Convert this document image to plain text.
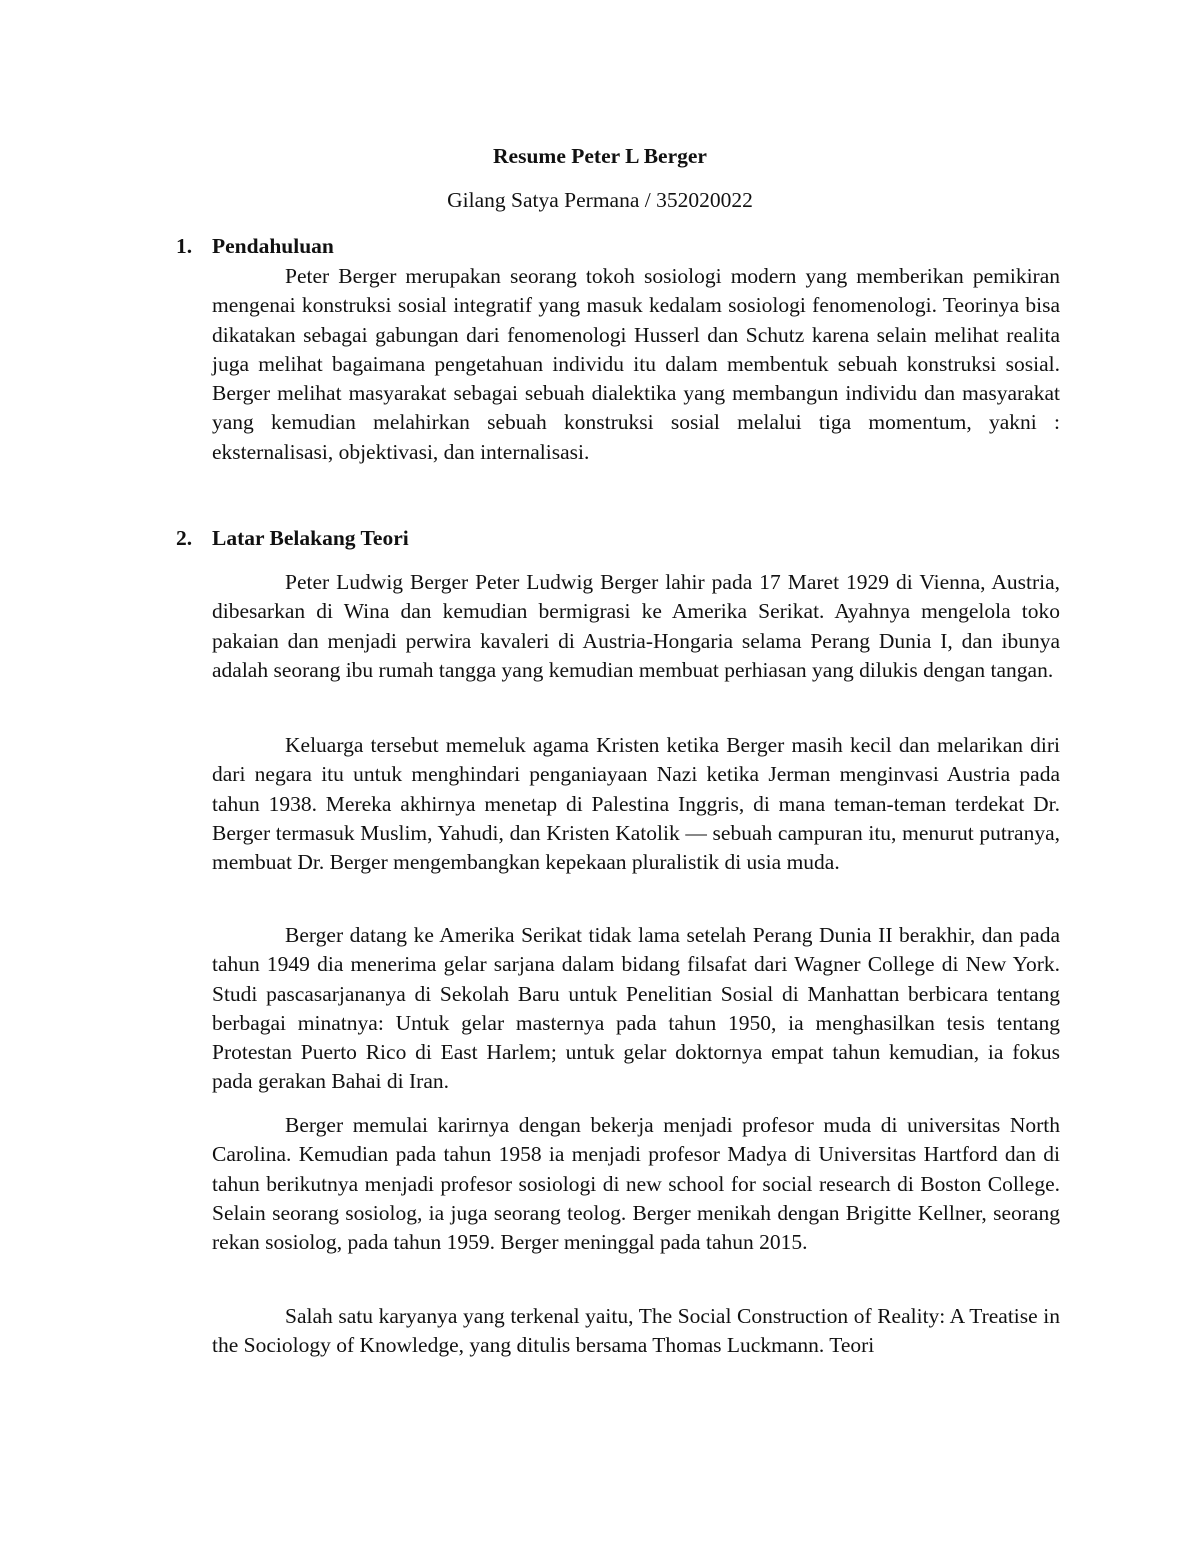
Resume Peter L Berger
Gilang Satya Permana / 352020022
1. Pendahuluan

Peter Berger merupakan seorang tokoh sosiologi modern yang memberikan pemikiran mengenai konstruksi sosial integratif yang masuk kedalam sosiologi fenomenologi. Teorinya bisa dikatakan sebagai gabungan dari fenomenologi Husserl dan Schutz karena selain melihat realita juga melihat bagaimana pengetahuan individu itu dalam membentuk sebuah konstruksi sosial. Berger melihat masyarakat sebagai sebuah dialektika yang membangun individu dan masyarakat yang kemudian melahirkan sebuah konstruksi sosial melalui tiga momentum, yakni : eksternalisasi, objektivasi, dan internalisasi.

2. Latar Belakang Teori

Peter Ludwig Berger Peter Ludwig Berger lahir pada 17 Maret 1929 di Vienna, Austria, dibesarkan di Wina dan kemudian bermigrasi ke Amerika Serikat. Ayahnya mengelola toko pakaian dan menjadi perwira kavaleri di Austria-Hongaria selama Perang Dunia I, dan ibunya adalah seorang ibu rumah tangga yang kemudian membuat perhiasan yang dilukis dengan tangan.

Keluarga tersebut memeluk agama Kristen ketika Berger masih kecil dan melarikan diri dari negara itu untuk menghindari penganiayaan Nazi ketika Jerman menginvasi Austria pada tahun 1938. Mereka akhirnya menetap di Palestina Inggris, di mana teman-teman terdekat Dr. Berger termasuk Muslim, Yahudi, dan Kristen Katolik — sebuah campuran itu, menurut putranya, membuat Dr. Berger mengembangkan kepekaan pluralistik di usia muda.

Berger datang ke Amerika Serikat tidak lama setelah Perang Dunia II berakhir, dan pada tahun 1949 dia menerima gelar sarjana dalam bidang filsafat dari Wagner College di New York. Studi pascasarjananya di Sekolah Baru untuk Penelitian Sosial di Manhattan berbicara tentang berbagai minatnya: Untuk gelar masternya pada tahun 1950, ia menghasilkan tesis tentang Protestan Puerto Rico di East Harlem; untuk gelar doktornya empat tahun kemudian, ia fokus pada gerakan Bahai di Iran.

Berger memulai karirnya dengan bekerja menjadi profesor muda di universitas North Carolina. Kemudian pada tahun 1958 ia menjadi profesor Madya di Universitas Hartford dan di tahun berikutnya menjadi profesor sosiologi di new school for social research di Boston College. Selain seorang sosiolog, ia juga seorang teolog. Berger menikah dengan Brigitte Kellner, seorang rekan sosiolog, pada tahun 1959. Berger meninggal pada tahun 2015.

Salah satu karyanya yang terkenal yaitu, The Social Construction of Reality: A Treatise in the Sociology of Knowledge, yang ditulis bersama Thomas Luckmann. Teori
